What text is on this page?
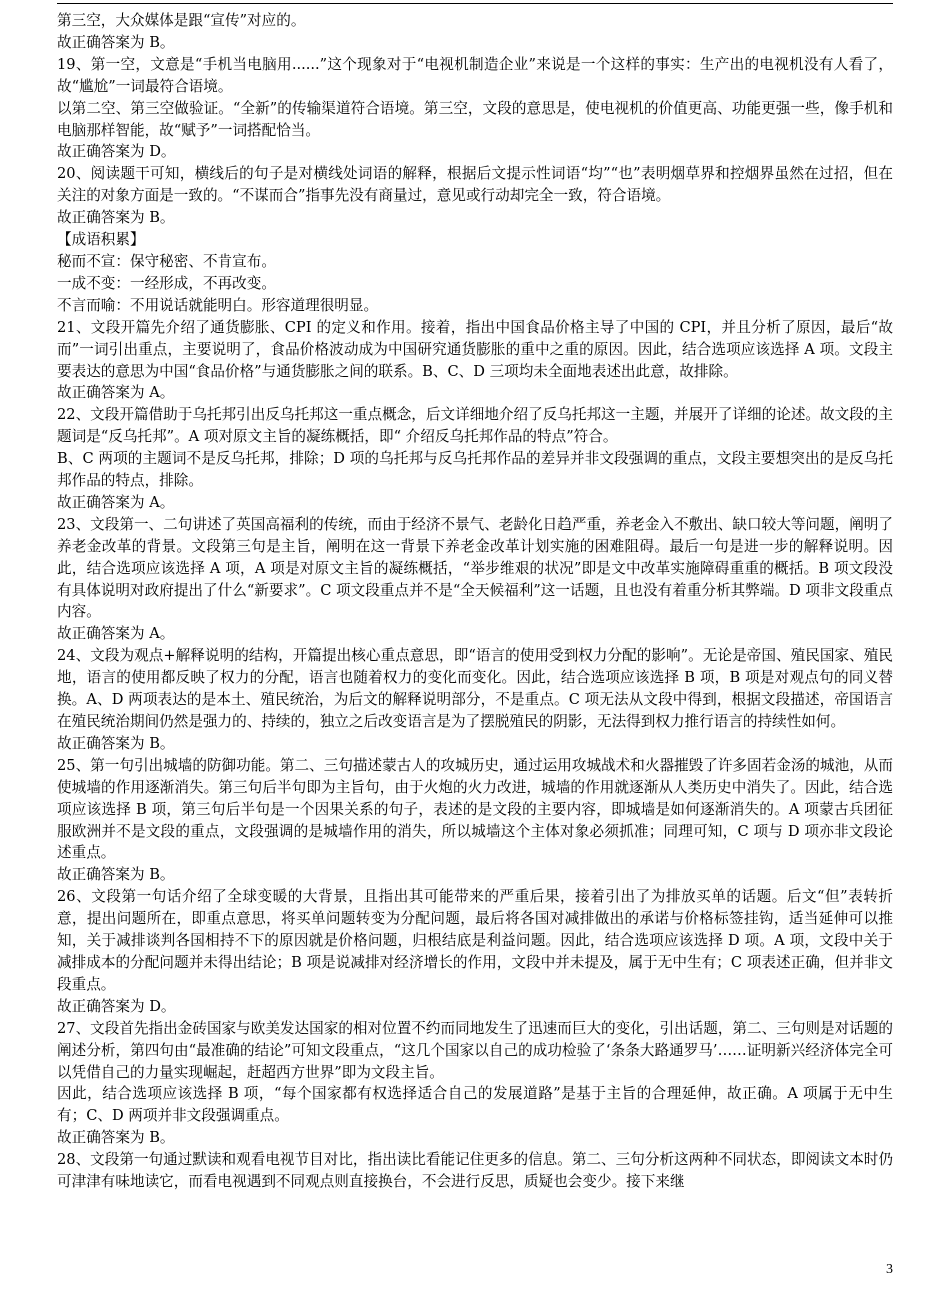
第三空，大众媒体是跟“宣传”对应的。

故正确答案为 B。

19、第一空，文意是“手机当电脑用......”这个现象对于“电视机制造企业”来说是一个这样的事实：生产出的电视机没有人看了，故“尴尬”一词最符合语境。

以第二空、第三空做验证。“全新”的传输渠道符合语境。第三空，文段的意思是，使电视机的价值更高、功能更强一些，像手机和电脑那样智能，故“赋予”一词搭配恰当。

故正确答案为 D。

20、阅读题干可知，横线后的句子是对横线处词语的解释，根据后文提示性词语“均”“也”表明烟草界和控烟界虽然在过招，但在关注的对象方面是一致的。“不谋而合”指事先没有商量过，意见或行动却完全一致，符合语境。

故正确答案为 B。

【成语积累】

秘而不宣：保守秘密、不肯宣布。

一成不变：一经形成，不再改变。

不言而喻：不用说话就能明白。形容道理很明显。

21、文段开篇先介绍了通货膨胀、CPI 的定义和作用。接着，指出中国食品价格主导了中国的 CPI，并且分析了原因，最后“故而”一词引出重点，主要说明了，食品价格波动成为中国研究通货膨胀的重中之重的原因。因此，结合选项应该选择 A 项。文段主要表达的意思为中国“食品价格”与通货膨胀之间的联系。B、C、D 三项均未全面地表述出此意，故排除。

故正确答案为 A。

22、文段开篇借助于乌托邦引出反乌托邦这一重点概念，后文详细地介绍了反乌托邦这一主题，并展开了详细的论述。故文段的主题词是“反乌托邦”。A 项对原文主旨的凝练概括，即“ 介绍反乌托邦作品的特点”符合。

B、C 两项的主题词不是反乌托邦，排除；D 项的乌托邦与反乌托邦作品的差异并非文段强调的重点，文段主要想突出的是反乌托邦作品的特点，排除。

故正确答案为 A。

23、文段第一、二句讲述了英国高福利的传统，而由于经济不景气、老龄化日趋严重，养老金入不敷出、缺口较大等问题，阐明了养老金改革的背景。文段第三句是主旨，阐明在这一背景下养老金改革计划实施的困难阻碍。最后一句是进一步的解释说明。因此，结合选项应该选择 A 项，A 项是对原文主旨的凝练概括，“举步维艰的状况”即是文中改革实施障碍重重的概括。B 项文段没有具体说明对政府提出了什么“新要求”。C 项文段重点并不是“全天候福利”这一话题，且也没有着重分析其弊端。D 项非文段重点内容。

故正确答案为 A。

24、文段为观点+解释说明的结构，开篇提出核心重点意思，即“语言的使用受到权力分配的影响”。无论是帝国、殖民国家、殖民地，语言的使用都反映了权力的分配，语言也随着权力的变化而变化。因此，结合选项应该选择 B 项，B 项是对观点句的同义替换。A、D 两项表达的是本土、殖民统治，为后文的解释说明部分，不是重点。C 项无法从文段中得到，根据文段描述，帝国语言在殖民统治期间仍然是强力的、持续的，独立之后改变语言是为了摆脱殖民的阴影，无法得到权力推行语言的持续性如何。

故正确答案为 B。

25、第一句引出城墙的防御功能。第二、三句描述蒙古人的攻城历史，通过运用攻城战术和火器摧毁了许多固若金汤的城池，从而使城墙的作用逐渐消失。第三句后半句即为主旨句，由于火炮的火力改进，城墙的作用就逐渐从人类历史中消失了。因此，结合选项应该选择 B 项，第三句后半句是一个因果关系的句子，表述的是文段的主要内容，即城墙是如何逐渐消失的。A 项蒙古兵团征服欧洲并不是文段的重点，文段强调的是城墙作用的消失，所以城墙这个主体对象必须抓准；同理可知，C 项与 D 项亦非文段论述重点。

故正确答案为 B。

26、文段第一句话介绍了全球变暖的大背景，且指出其可能带来的严重后果，接着引出了为排放买单的话题。后文“但”表转折意，提出问题所在，即重点意思，将买单问题转变为分配问题，最后将各国对减排做出的承诺与价格标签挂钩，适当延伸可以推知，关于减排谈判各国相持不下的原因就是价格问题，归根结底是利益问题。因此，结合选项应该选择 D 项。A 项，文段中关于减排成本的分配问题并未得出结论；B 项是说减排对经济增长的作用，文段中并未提及，属于无中生有；C 项表述正确，但并非文段重点。

故正确答案为 D。

27、文段首先指出金砖国家与欧美发达国家的相对位置不约而同地发生了迅速而巨大的变化，引出话题，第二、三句则是对话题的阐述分析，第四句由“最准确的结论”可知文段重点，“这几个国家以自己的成功检验了‘条条大路通罗马’……证明新兴经济体完全可以凭借自己的力量实现崛起，赶超西方世界”即为文段主旨。

因此，结合选项应该选择 B 项，“每个国家都有权选择适合自己的发展道路”是基于主旨的合理延伸，故正确。A 项属于无中生有；C、D 两项并非文段强调重点。

故正确答案为 B。

28、文段第一句通过默读和观看电视节目对比，指出读比看能记住更多的信息。第二、三句分析这两种不同状态，即阅读文本时仍可津津有味地读它，而看电视遇到不同观点则直接换台，不会进行反思，质疑也会变少。接下来继

3
